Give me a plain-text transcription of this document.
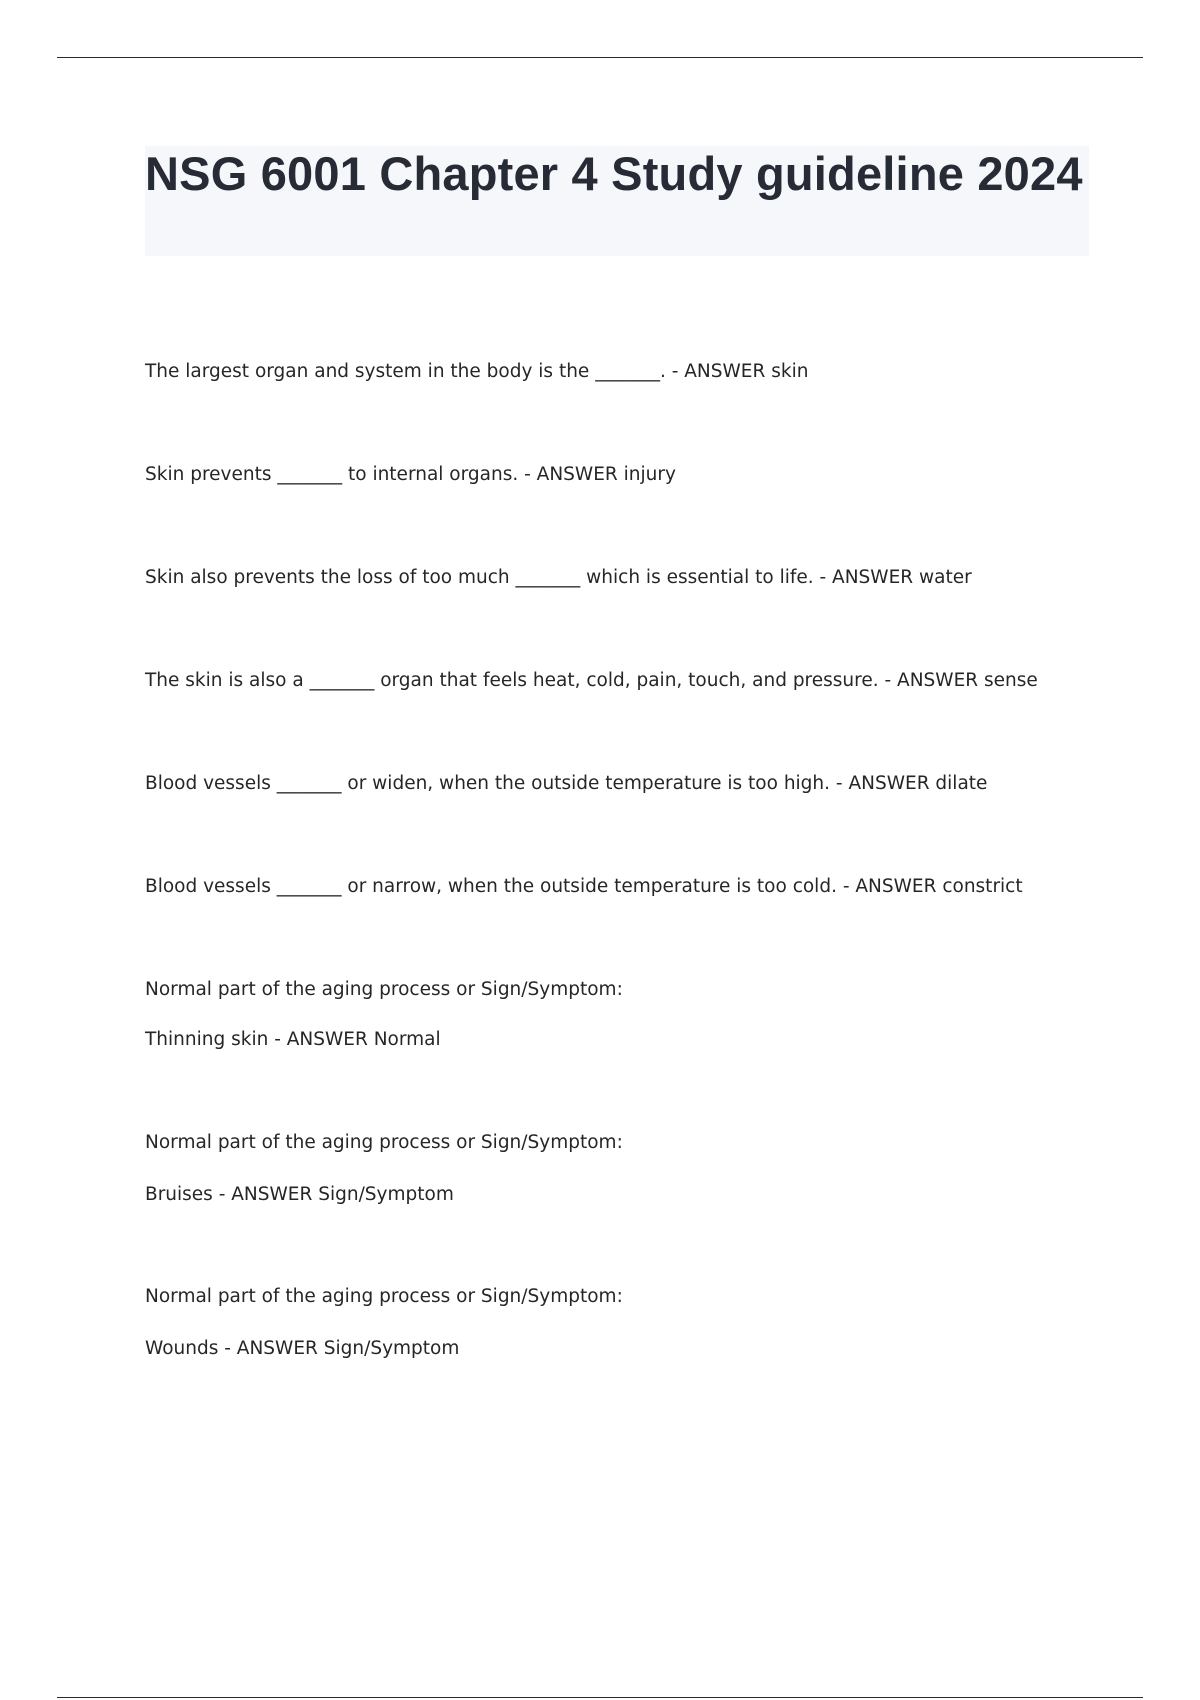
NSG 6001 Chapter 4 Study guideline 2024
The largest organ and system in the body is the _______. - ANSWER skin
Skin prevents _______ to internal organs. - ANSWER injury
Skin also prevents the loss of too much _______ which is essential to life. - ANSWER water
The skin is also a _______ organ that feels heat, cold, pain, touch, and pressure. - ANSWER sense
Blood vessels _______ or widen, when the outside temperature is too high. - ANSWER dilate
Blood vessels _______ or narrow, when the outside temperature is too cold. - ANSWER constrict
Normal part of the aging process or Sign/Symptom:
Thinning skin - ANSWER Normal
Normal part of the aging process or Sign/Symptom:
Bruises - ANSWER Sign/Symptom
Normal part of the aging process or Sign/Symptom:
Wounds - ANSWER Sign/Symptom
